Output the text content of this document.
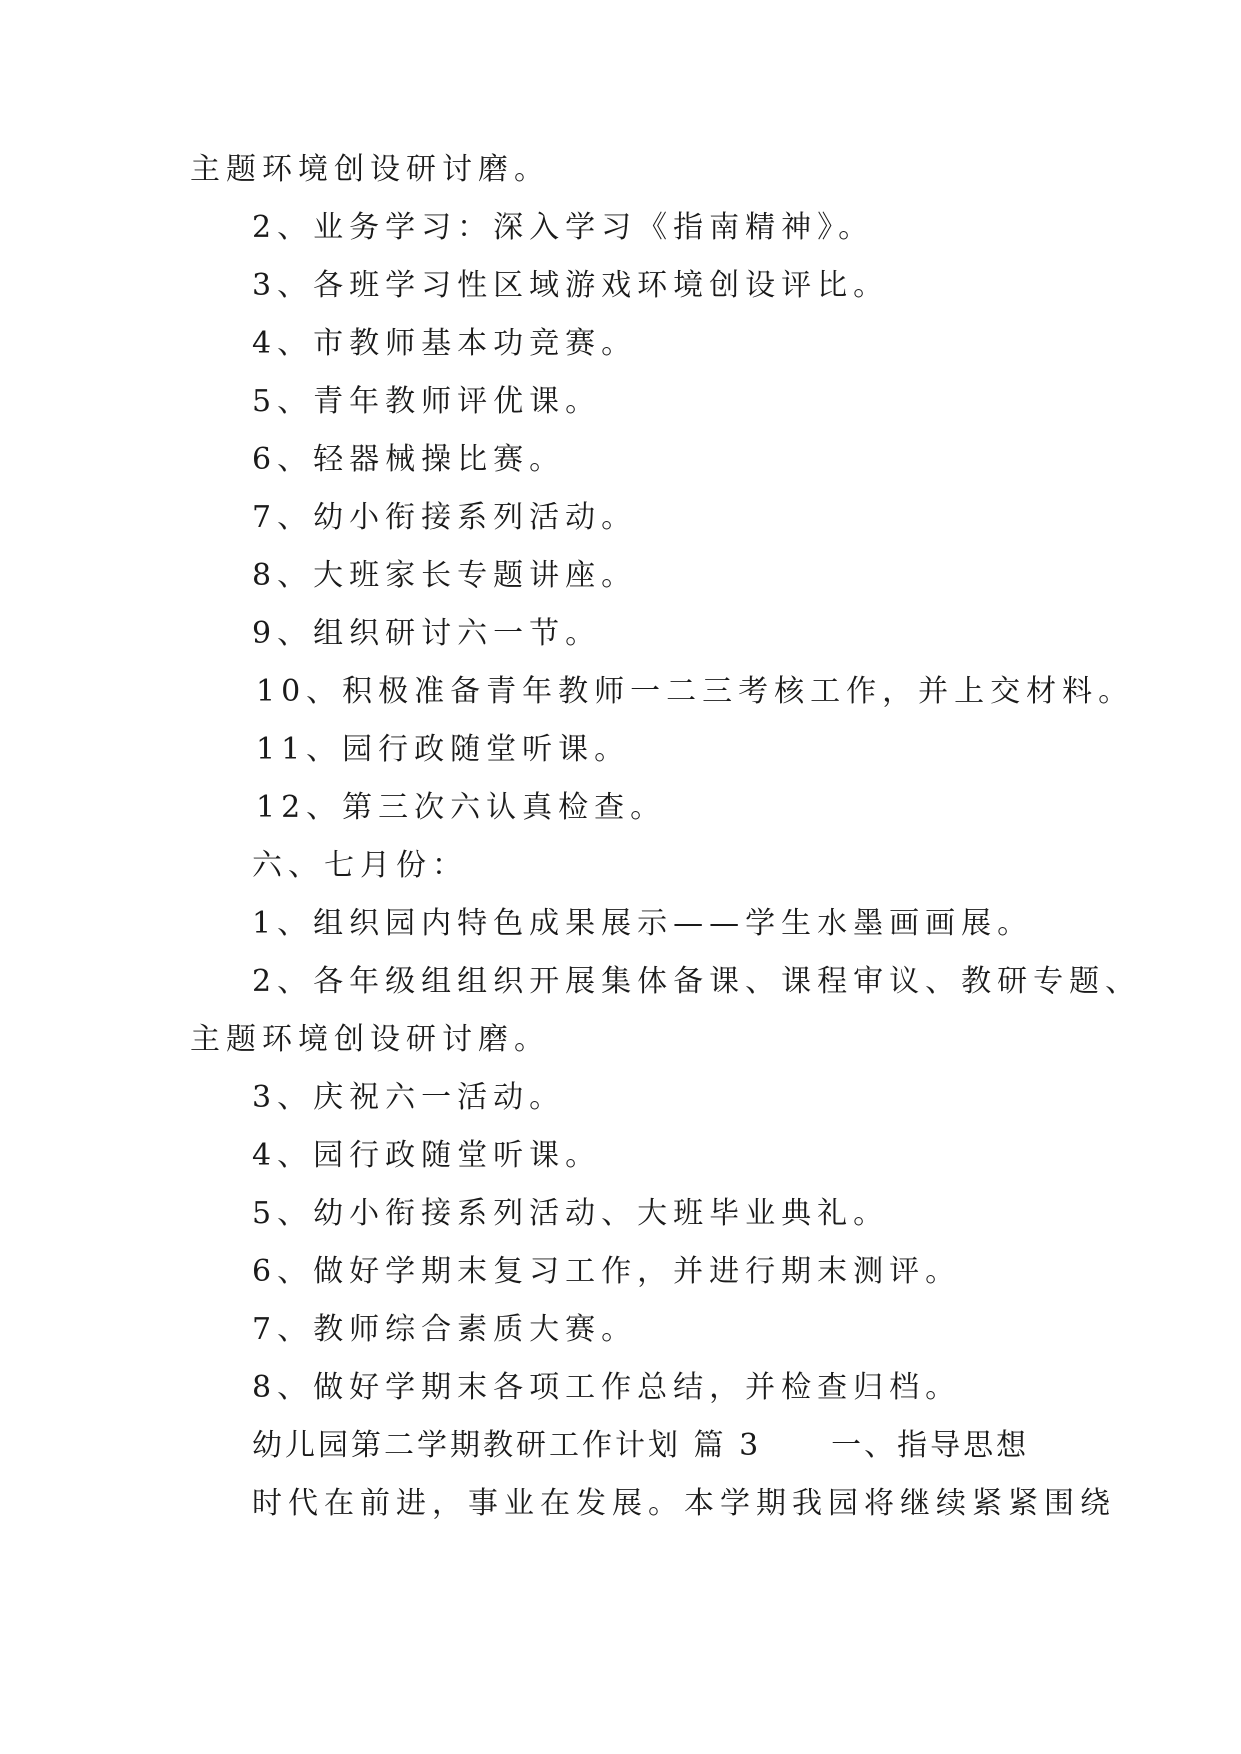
主题环境创设研讨磨。
2、业务学习：深入学习《指南精神》。
3、各班学习性区域游戏环境创设评比。
4、市教师基本功竞赛。
5、青年教师评优课。
6、轻器械操比赛。
7、幼小衔接系列活动。
8、大班家长专题讲座。
9、组织研讨六一节。
10、积极准备青年教师一二三考核工作，并上交材料。
11、园行政随堂听课。
12、第三次六认真检查。
六、七月份：
1、组织园内特色成果展示——学生水墨画画展。
2、各年级组组织开展集体备课、课程审议、教研专题、
主题环境创设研讨磨。
3、庆祝六一活动。
4、园行政随堂听课。
5、幼小衔接系列活动、大班毕业典礼。
6、做好学期末复习工作，并进行期末测评。
7、教师综合素质大赛。
8、做好学期末各项工作总结，并检查归档。
幼儿园第二学期教研工作计划 篇 3 一、指导思想
时代在前进，事业在发展。本学期我园将继续紧紧围绕
